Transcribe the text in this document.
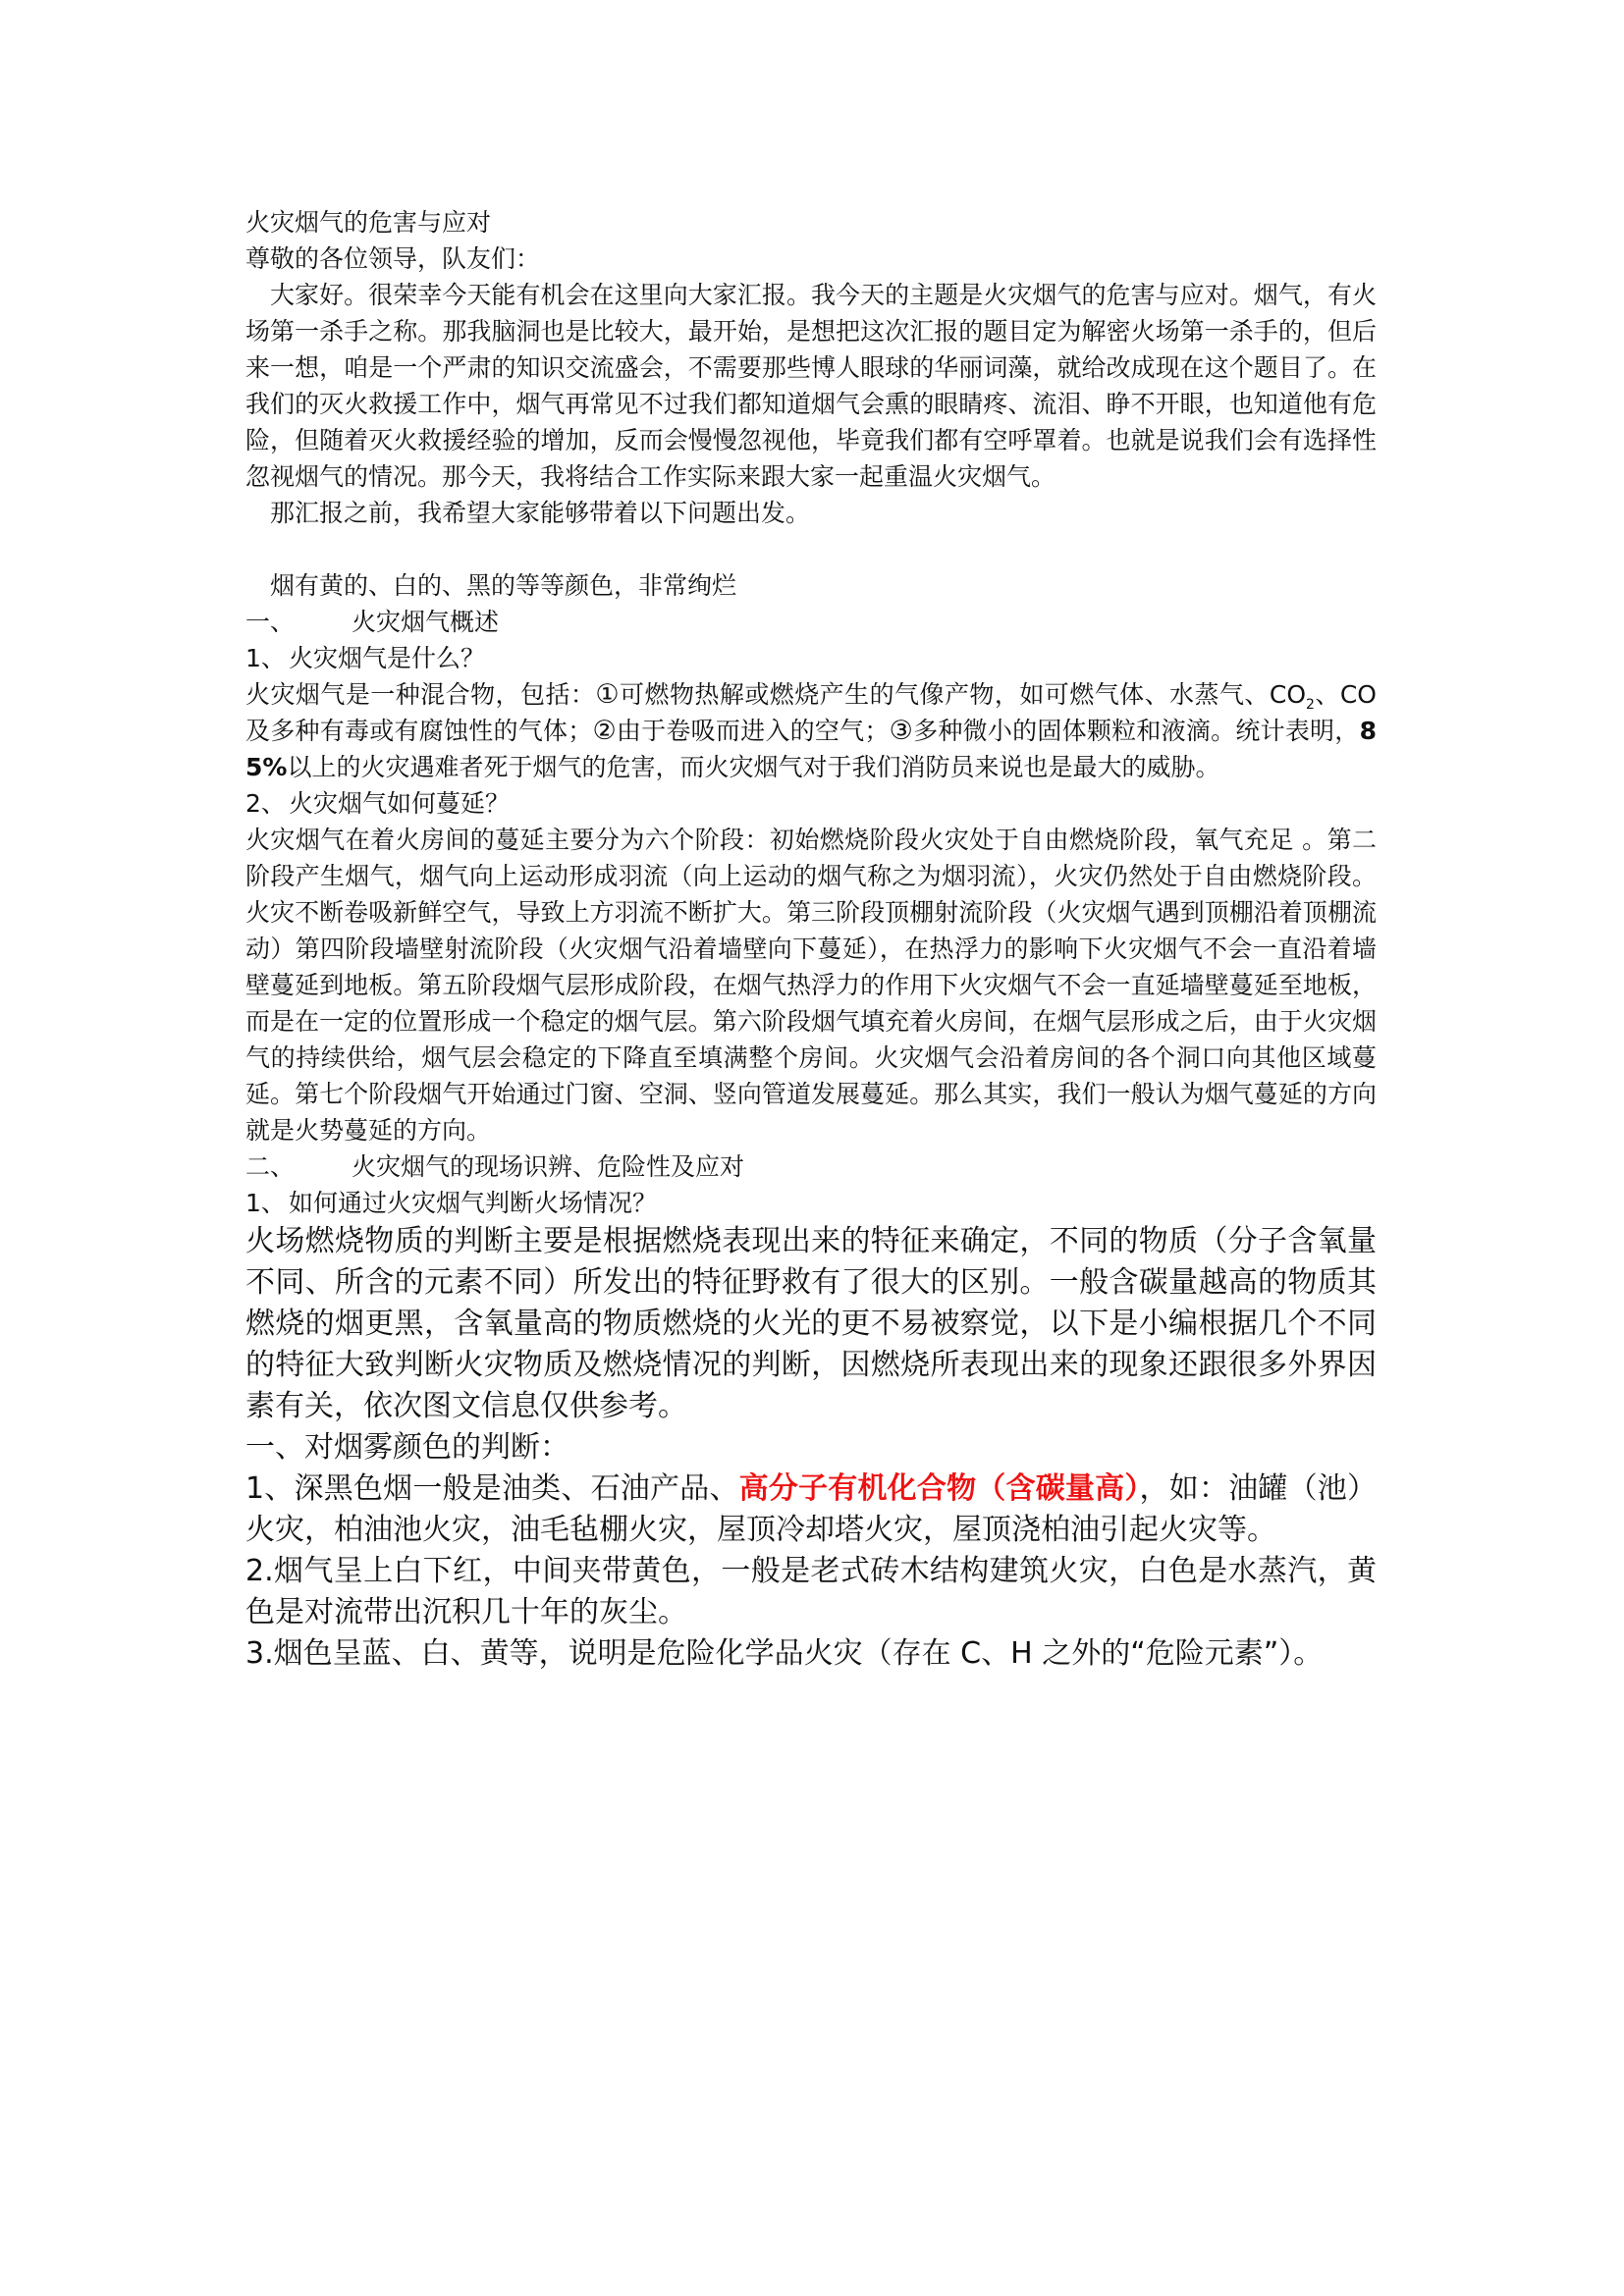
火灾烟气的危害与应对

尊敬的各位领导，队友们：

大家好。很荣幸今天能有机会在这里向大家汇报。我今天的主题是火灾烟气的危害与应对。烟气，有火场第一杀手之称。那我脑洞也是比较大，最开始，是想把这次汇报的题目定为解密火场第一杀手的，但后来一想，咱是一个严肃的知识交流盛会，不需要那些博人眼球的华丽词藻，就给改成现在这个题目了。在我们的灭火救援工作中，烟气再常见不过我们都知道烟气会熏的眼睛疼、流泪、睁不开眼，也知道他有危险，但随着灭火救援经验的增加，反而会慢慢忽视他，毕竟我们都有空呼罩着。也就是说我们会有选择性忽视烟气的情况。那今天，我将结合工作实际来跟大家一起重温火灾烟气。

那汇报之前，我希望大家能够带着以下问题出发。

烟有黄的、白的、黑的等等颜色，非常绚烂

一、	火灾烟气概述
1、 火灾烟气是什么？

火灾烟气是一种混合物，包括：①可燃物热解或燃烧产生的气像产物，如可燃气体、水蒸气、$CO_2$、CO 及多种有毒或有腐蚀性的气体；②由于卷吸而进入的空气；③多种微小的固体颗粒和液滴。统计表明，85%以上的火灾遇难者死于烟气的危害，而火灾烟气对于我们消防员来说也是最大的威胁。

2、 火灾烟气如何蔓延？

火灾烟气在着火房间的蔓延主要分为六个阶段：初始燃烧阶段火灾处于自由燃烧阶段，氧气充足 。第二阶段产生烟气，烟气向上运动形成羽流（向上运动的烟气称之为烟羽流），火灾仍然处于自由燃烧阶段。火灾不断卷吸新鲜空气，导致上方羽流不断扩大。第三阶段顶棚射流阶段（火灾烟气遇到顶棚沿着顶棚流动）第四阶段墙壁射流阶段（火灾烟气沿着墙壁向下蔓延），在热浮力的影响下火灾烟气不会一直沿着墙壁蔓延到地板。第五阶段烟气层形成阶段，在烟气热浮力的作用下火灾烟气不会一直延墙壁蔓延至地板，而是在一定的位置形成一个稳定的烟气层。第六阶段烟气填充着火房间，在烟气层形成之后，由于火灾烟气的持续供给，烟气层会稳定的下降直至填满整个房间。火灾烟气会沿着房间的各个洞口向其他区域蔓延。第七个阶段烟气开始通过门窗、空洞、竖向管道发展蔓延。那么其实，我们一般认为烟气蔓延的方向就是火势蔓延的方向。

二、	火灾烟气的现场识辨、危险性及应对
1、 如何通过火灾烟气判断火场情况？

火场燃烧物质的判断主要是根据燃烧表现出来的特征来确定，不同的物质（分子含氧量不同、所含的元素不同）所发出的特征野救有了很大的区别。一般含碳量越高的物质其燃烧的烟更黑，含氧量高的物质燃烧的火光的更不易被察觉，以下是小编根据几个不同的特征大致判断火灾物质及燃烧情况的判断，因燃烧所表现出来的现象还跟很多外界因素有关，依次图文信息仅供参考。

一、对烟雾颜色的判断：

1、深黑色烟一般是油类、石油产品、高分子有机化合物（含碳量高），如：油罐（池）火灾，柏油池火灾，油毛毡棚火灾，屋顶冷却塔火灾，屋顶浇柏油引起火灾等。

2.烟气呈上白下红，中间夹带黄色，一般是老式砖木结构建筑火灾，白色是水蒸汽，黄色是对流带出沉积几十年的灰尘。

3.烟色呈蓝、白、黄等，说明是危险化学品火灾（存在 C、H 之外的“危险元素”）。
